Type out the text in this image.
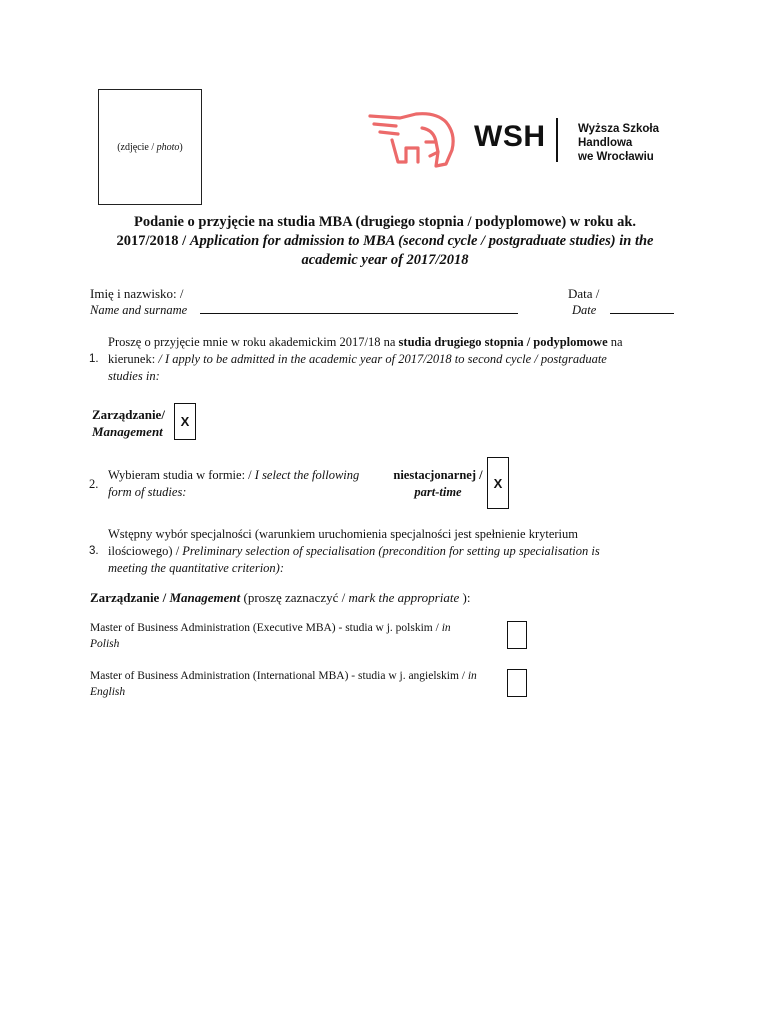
(zdjęcie / photo)	WSH	Wyższa Szkoła
Handlowa
we Wrocławiu
Podanie o przyjęcie na studia MBA (drugiego stopnia / podyplomowe) w roku ak.
2017/2018 / Application for admission to MBA (second cycle / postgraduate studies) in the
academic year of 2017/2018
Imię i nazwisko: /
Name and surname
Data /
Date
1.
Proszę o przyjęcie mnie w roku akademickim 2017/18 na studia drugiego stopnia / podyplomowe na
kierunek: / I apply to be admitted in the academic year of 2017/2018 to second cycle / postgraduate
studies in:
Zarządzanie/
Management
X
2.
Wybieram studia w formie: / I select the following
form of studies:
niestacjonarnej /
part-time
X
3.
Wstępny wybór specjalności (warunkiem uruchomienia specjalności jest spełnienie kryterium
ilościowego) / Preliminary selection of specialisation (precondition for setting up specialisation is
meeting the quantitative criterion):
Zarządzanie / Management (proszę zaznaczyć / mark the appropriate ):
Master of Business Administration (Executive MBA) - studia w j. polskim / in
Polish
Master of Business Administration (International MBA) - studia w j. angielskim / in
English
